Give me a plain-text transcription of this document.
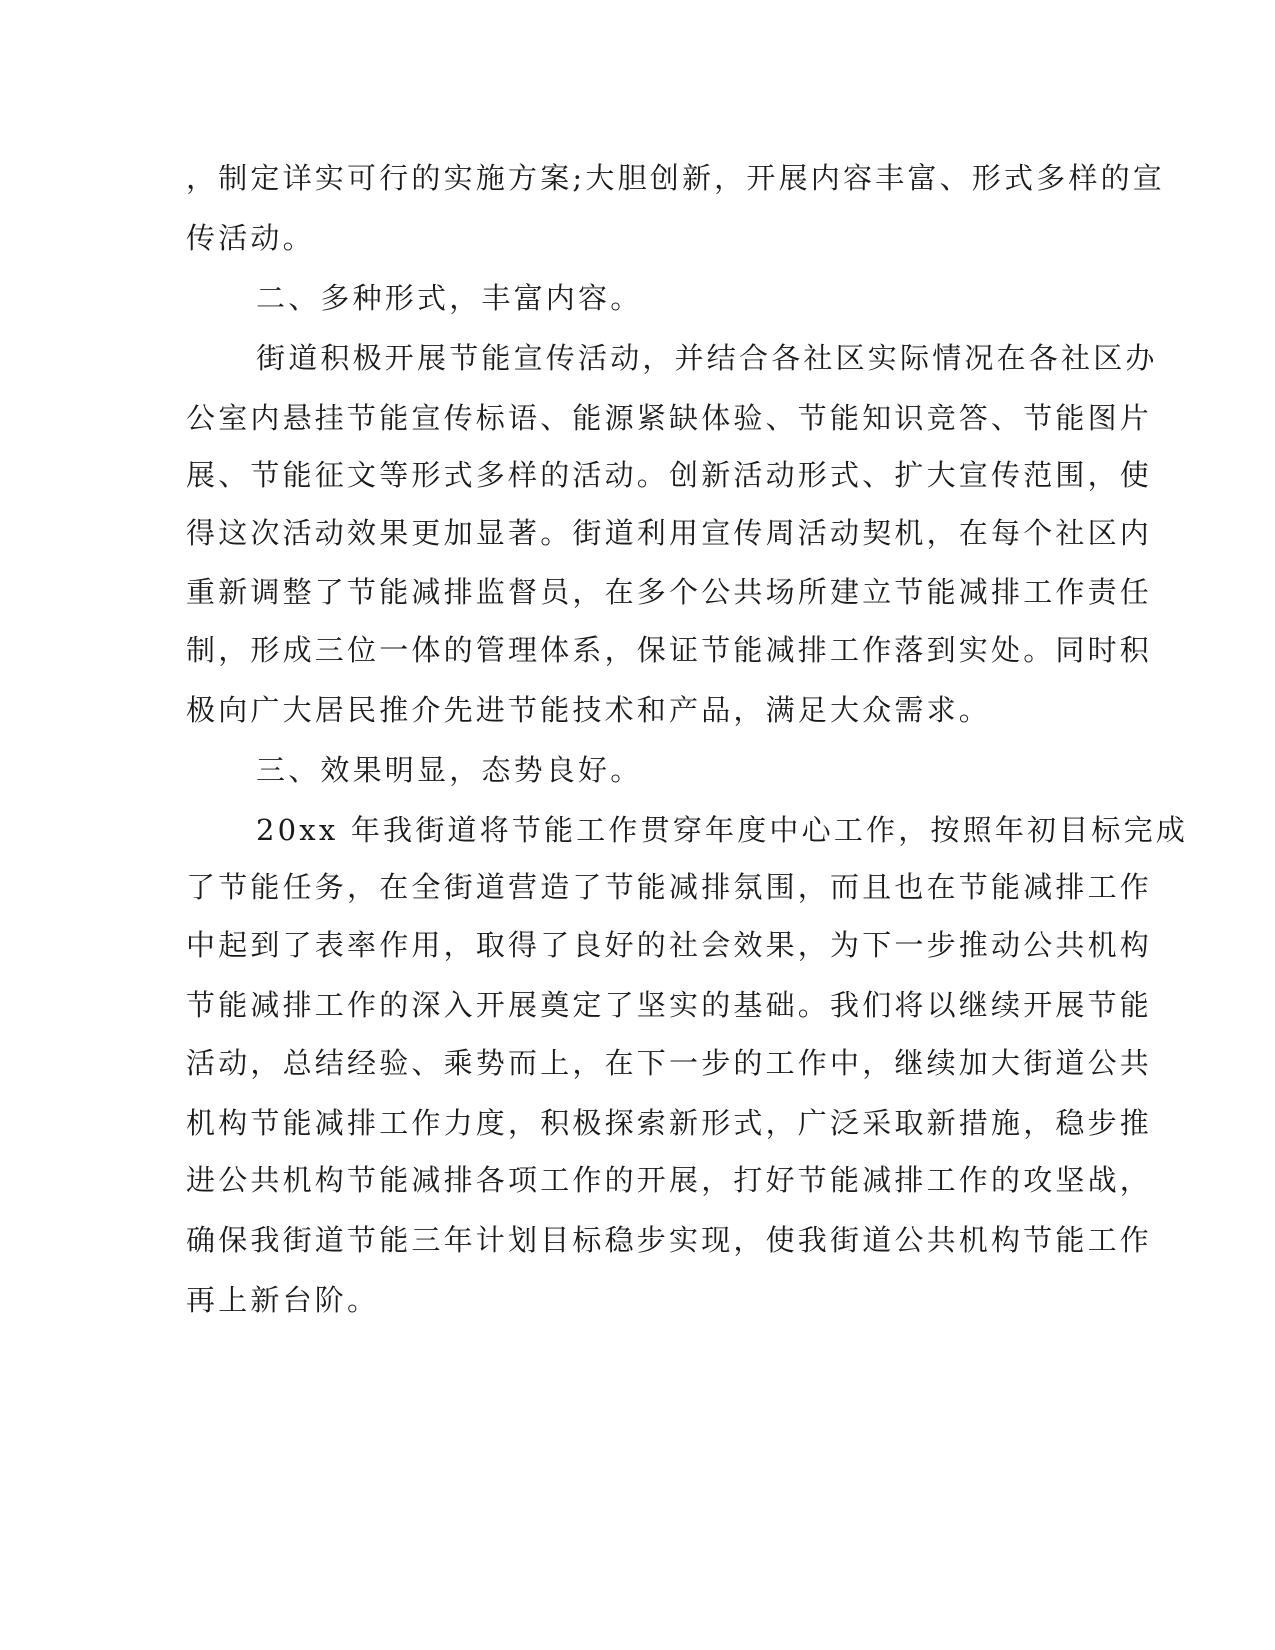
，制定详实可行的实施方案;大胆创新，开展内容丰富、形式多样的宣
传活动。
二、多种形式，丰富内容。
街道积极开展节能宣传活动，并结合各社区实际情况在各社区办
公室内悬挂节能宣传标语、能源紧缺体验、节能知识竞答、节能图片
展、节能征文等形式多样的活动。创新活动形式、扩大宣传范围，使
得这次活动效果更加显著。街道利用宣传周活动契机，在每个社区内
重新调整了节能减排监督员，在多个公共场所建立节能减排工作责任
制，形成三位一体的管理体系，保证节能减排工作落到实处。同时积
极向广大居民推介先进节能技术和产品，满足大众需求。
三、效果明显，态势良好。
20xx 年我街道将节能工作贯穿年度中心工作，按照年初目标完成
了节能任务，在全街道营造了节能减排氛围，而且也在节能减排工作
中起到了表率作用，取得了良好的社会效果，为下一步推动公共机构
节能减排工作的深入开展奠定了坚实的基础。我们将以继续开展节能
活动，总结经验、乘势而上，在下一步的工作中，继续加大街道公共
机构节能减排工作力度，积极探索新形式，广泛采取新措施，稳步推
进公共机构节能减排各项工作的开展，打好节能减排工作的攻坚战，
确保我街道节能三年计划目标稳步实现，使我街道公共机构节能工作
再上新台阶。
